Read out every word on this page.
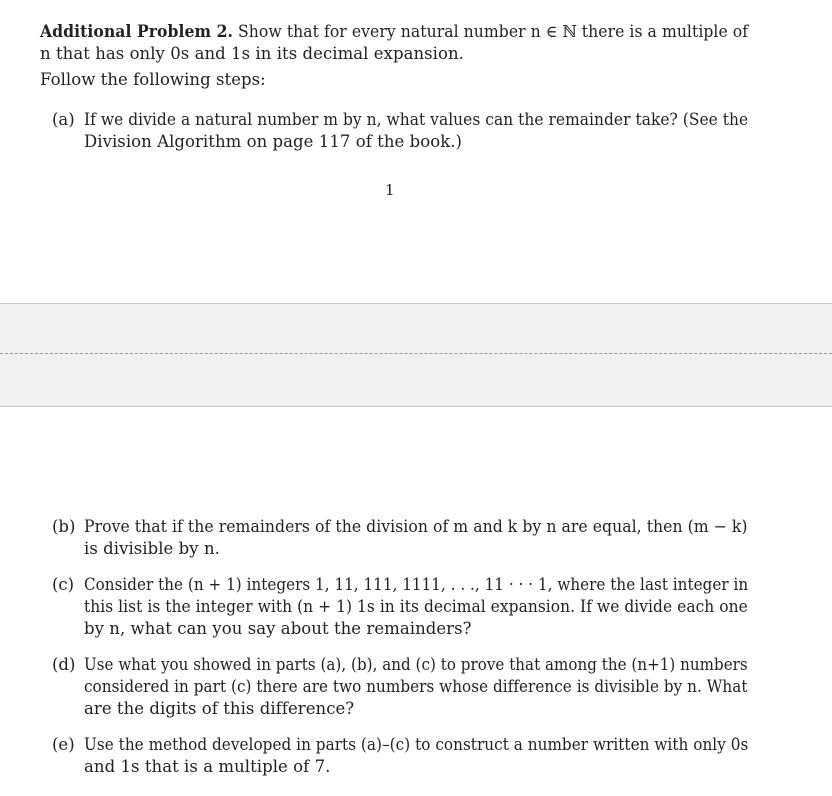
Additional Problem 2. Show that for every natural number n ∈ ℕ there is a multiple of
n that has only 0s and 1s in its decimal expansion.
Follow the following steps:
(a) If we divide a natural number m by n, what values can the remainder take? (See the
Division Algorithm on page 117 of the book.)
1
(b) Prove that if the remainders of the division of m and k by n are equal, then (m − k)
is divisible by n.
(c) Consider the (n + 1) integers 1, 11, 111, 1111, . . ., 11 · · · 1, where the last integer in
this list is the integer with (n + 1) 1s in its decimal expansion. If we divide each one
by n, what can you say about the remainders?
(d) Use what you showed in parts (a), (b), and (c) to prove that among the (n+1) numbers
considered in part (c) there are two numbers whose difference is divisible by n. What
are the digits of this difference?
(e) Use the method developed in parts (a)–(c) to construct a number written with only 0s
and 1s that is a multiple of 7.
